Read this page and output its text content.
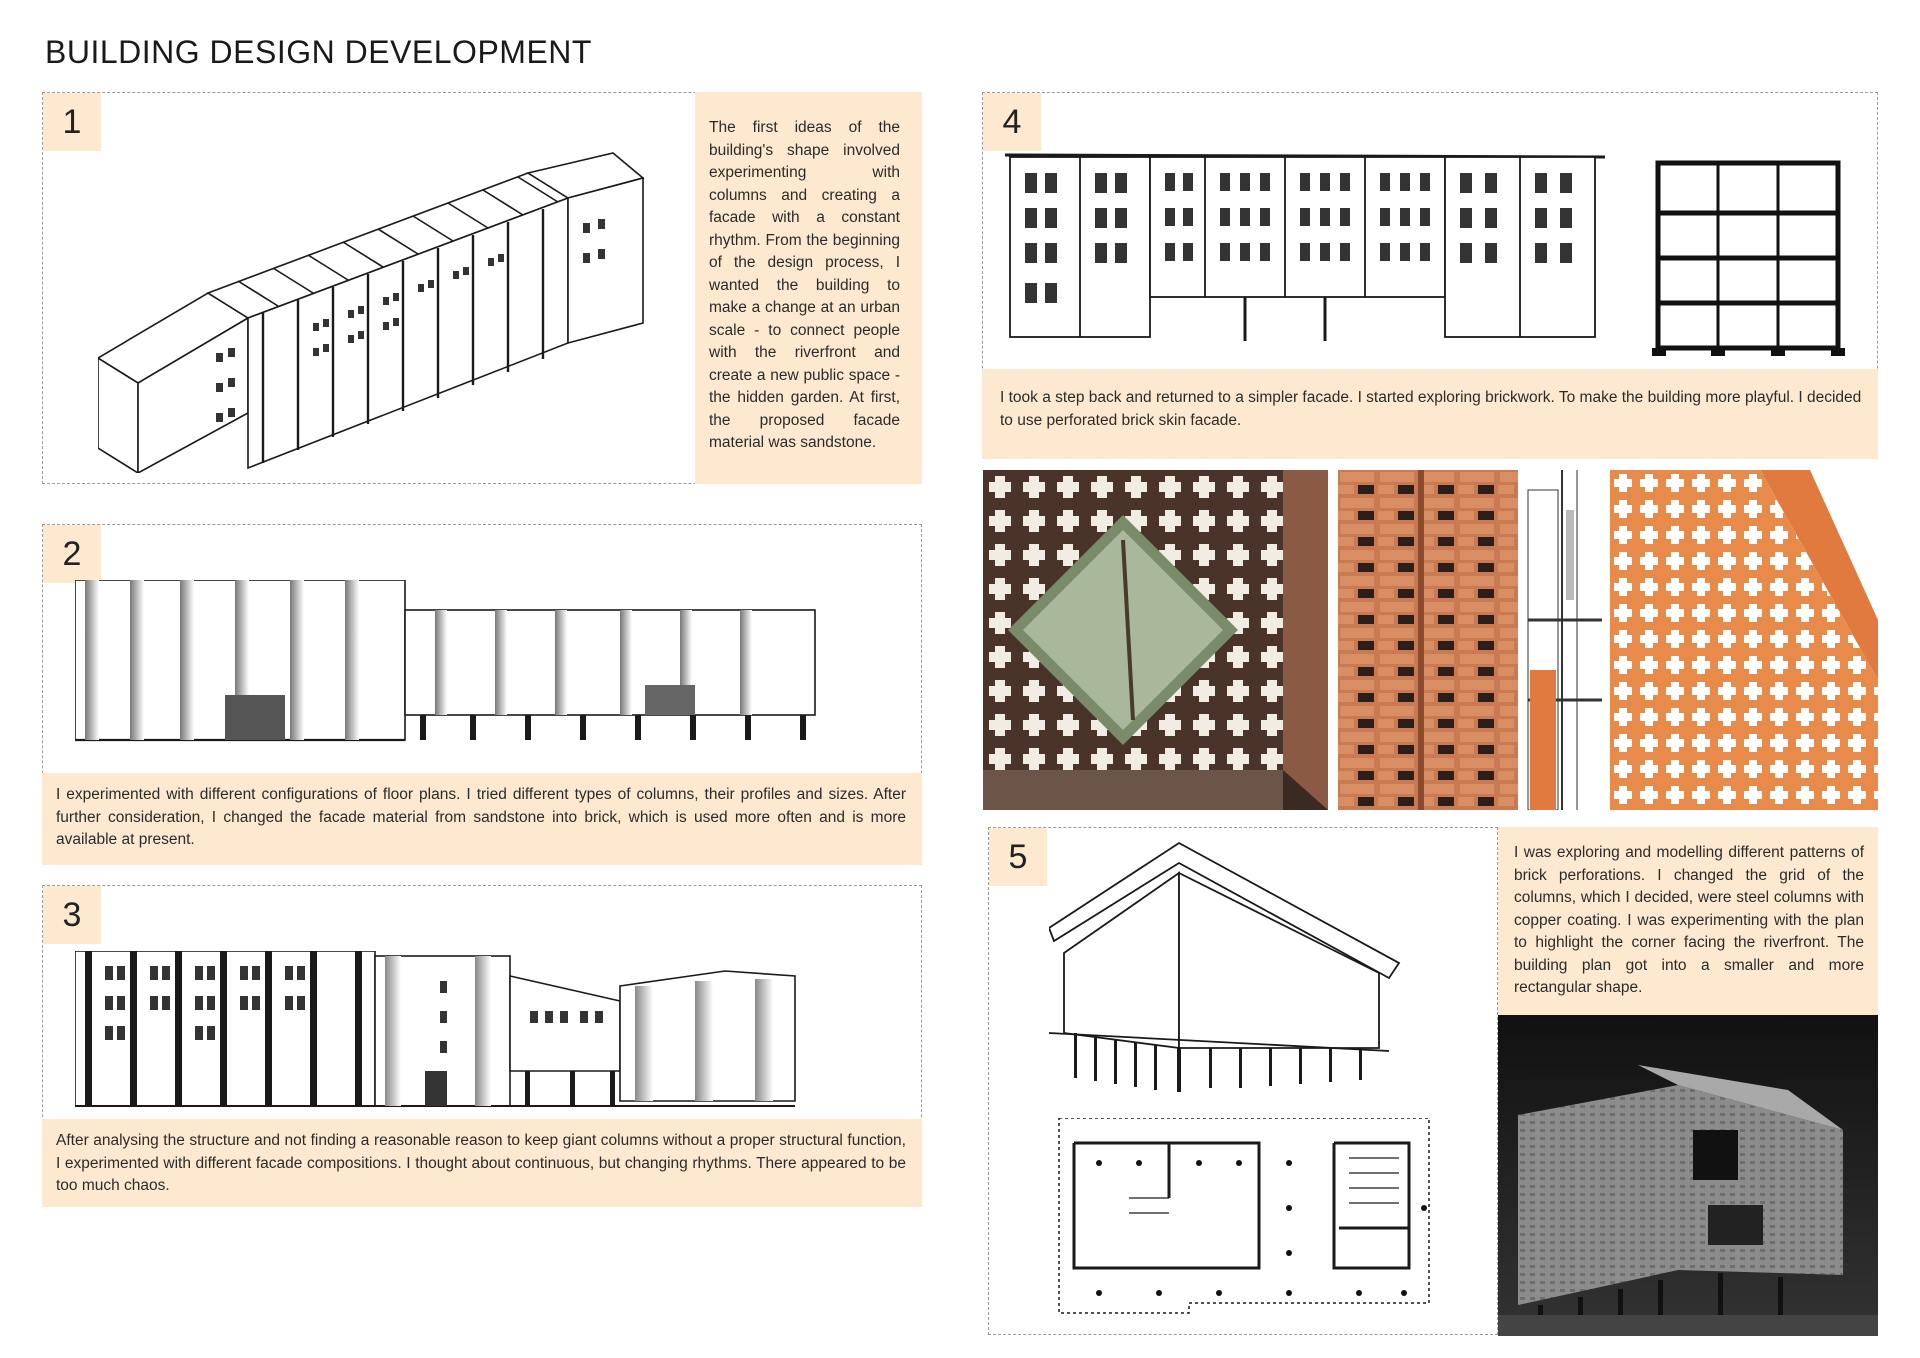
BUILDING DESIGN DEVELOPMENT
1	The first ideas of the building's shape involved experimenting with columns and creating a facade with a constant rhythm. From the beginning of the design process, I wanted the building to make a change at an urban scale - to connect people with the riverfront and create a new public space - the hidden garden. At first, the proposed facade material was sandstone.
2
I experimented with different configurations of floor plans. I tried different types of columns, their profiles and sizes. After further consideration, I changed the facade material from sandstone into brick, which is used more often and is more available at present.
3
After analysing the structure and not finding a reasonable reason to keep giant columns without a proper structural function, I experimented with different facade compositions. I thought about continuous, but changing rhythms. There appeared to be too much chaos.
4
I took a step back and returned to a simpler facade. I started exploring brickwork. To make the building more playful. I decided to use perforated brick skin facade.
5	I was exploring and modelling different patterns of brick perforations. I changed the grid of the columns, which I decided, were steel columns with copper coating. I was experimenting with the plan to highlight the corner facing the riverfront. The building plan got into a smaller and more rectangular shape.
